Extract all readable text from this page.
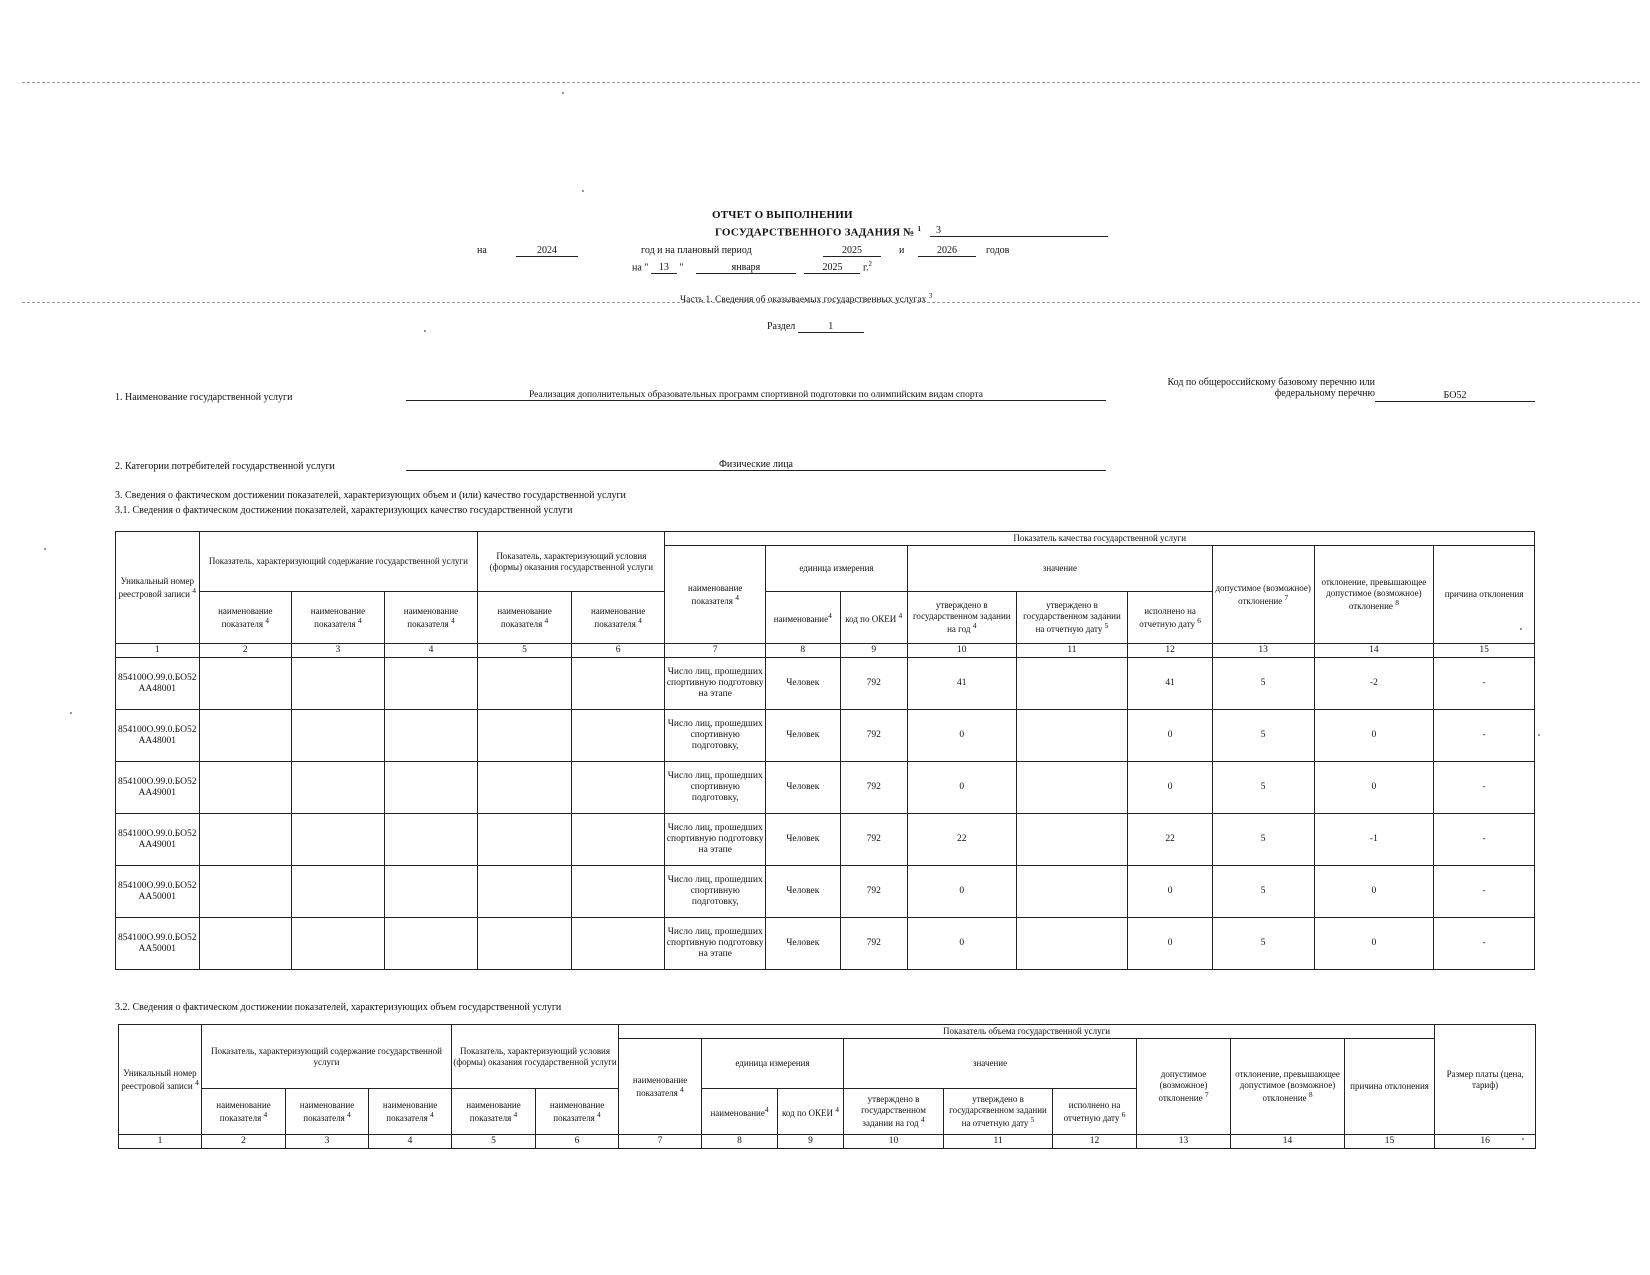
ОТЧЕТ О ВЫПОЛНЕНИИ
ГОСУДАРСТВЕННОГО ЗАДАНИЯ № $^1$	3
на	2024	год и на плановый период	2025	и	2026	годов
на " 13 "	января	2025 г.$^2$
Часть 1. Сведения об оказываемых государственных услугах $^3$
Раздел	1
1. Наименование государственной услуги	Реализация дополнительных образовательных программ спортивной подготовки по олимпийским видам спорта
Код по общероссийскому базовому перечню или
федеральному перечню	БО52
2. Категории потребителей государственной услуги	Физические лица
3. Сведения о фактическом достижении показателей, характеризующих объем и (или) качество государственной услуги
3.1. Сведения о фактическом достижении показателей, характеризующих качество государственной услуги
Уникальный номер реестровой записи $^4$	Показатель, характеризующий содержание государственной услуги			Показатель, характеризующий условия (формы) оказания государственной услуги		Показатель качества государственной услуги								
						наименование показателя $^4$	единица измерения		значение			допустимое (возможное) отклонение $^7$	отклонение, превышающее допустимое (возможное) отклонение $^8$	причина отклонения
	наименование показателя $^4$	наименование показателя $^4$	наименование показателя $^4$	наименование показателя $^4$	наименование показателя $^4$		наименование$^4$	код по ОКЕИ $^4$	утверждено в государственном задании на год $^4$	утверждено в государственном задании на отчетную дату $^5$	исполнено на отчетную дату $^6$
1	2	3	4	5	6	7	8	9	10	11	12	13	14	15
854100О.99.0.БО52АА48001						Число лиц, прошедших спортивную подготовку на этапе	Человек	792	41		41	5	-2	-
854100О.99.0.БО52АА48001						Число лиц, прошедших спортивную подготовку,	Человек	792	0		0	5	0	-
854100О.99.0.БО52АА49001						Число лиц, прошедших спортивную подготовку,	Человек	792	0		0	5	0	-
854100О.99.0.БО52АА49001						Число лиц, прошедших спортивную подготовку на этапе	Человек	792	22		22	5	-1	-
854100О.99.0.БО52АА50001						Число лиц, прошедших спортивную подготовку,	Человек	792	0		0	5	0	-
854100О.99.0.БО52АА50001						Число лиц, прошедших спортивную подготовку на этапе	Человек	792	0		0	5	0	-
3.2. Сведения о фактическом достижении показателей, характеризующих объем государственной услуги
Уникальный номер реестровой записи $^4$	Показатель, характеризующий содержание государственной услуги			Показатель, характеризующий условия (формы) оказания государственной услуги		Показатель объема государственной услуги									Размер платы (цена, тариф)
						наименование показателя $^4$	единица измерения		значение			допустимое (возможное) отклонение $^7$	отклонение, превышающее допустимое (возможное) отклонение $^8$	причина отклонения	
	наименование показателя $^4$	наименование показателя $^4$	наименование показателя $^4$	наименование показателя $^4$	наименование показателя $^4$		наименование$^4$	код по ОКЕИ $^4$	утверждено в государственном задании на год $^4$	утверждено в государственном задании на отчетную дату $^5$	исполнено на отчетную дату $^6$
1	2	3	4	5	6	7	8	9	10	11	12	13	14	15	16
